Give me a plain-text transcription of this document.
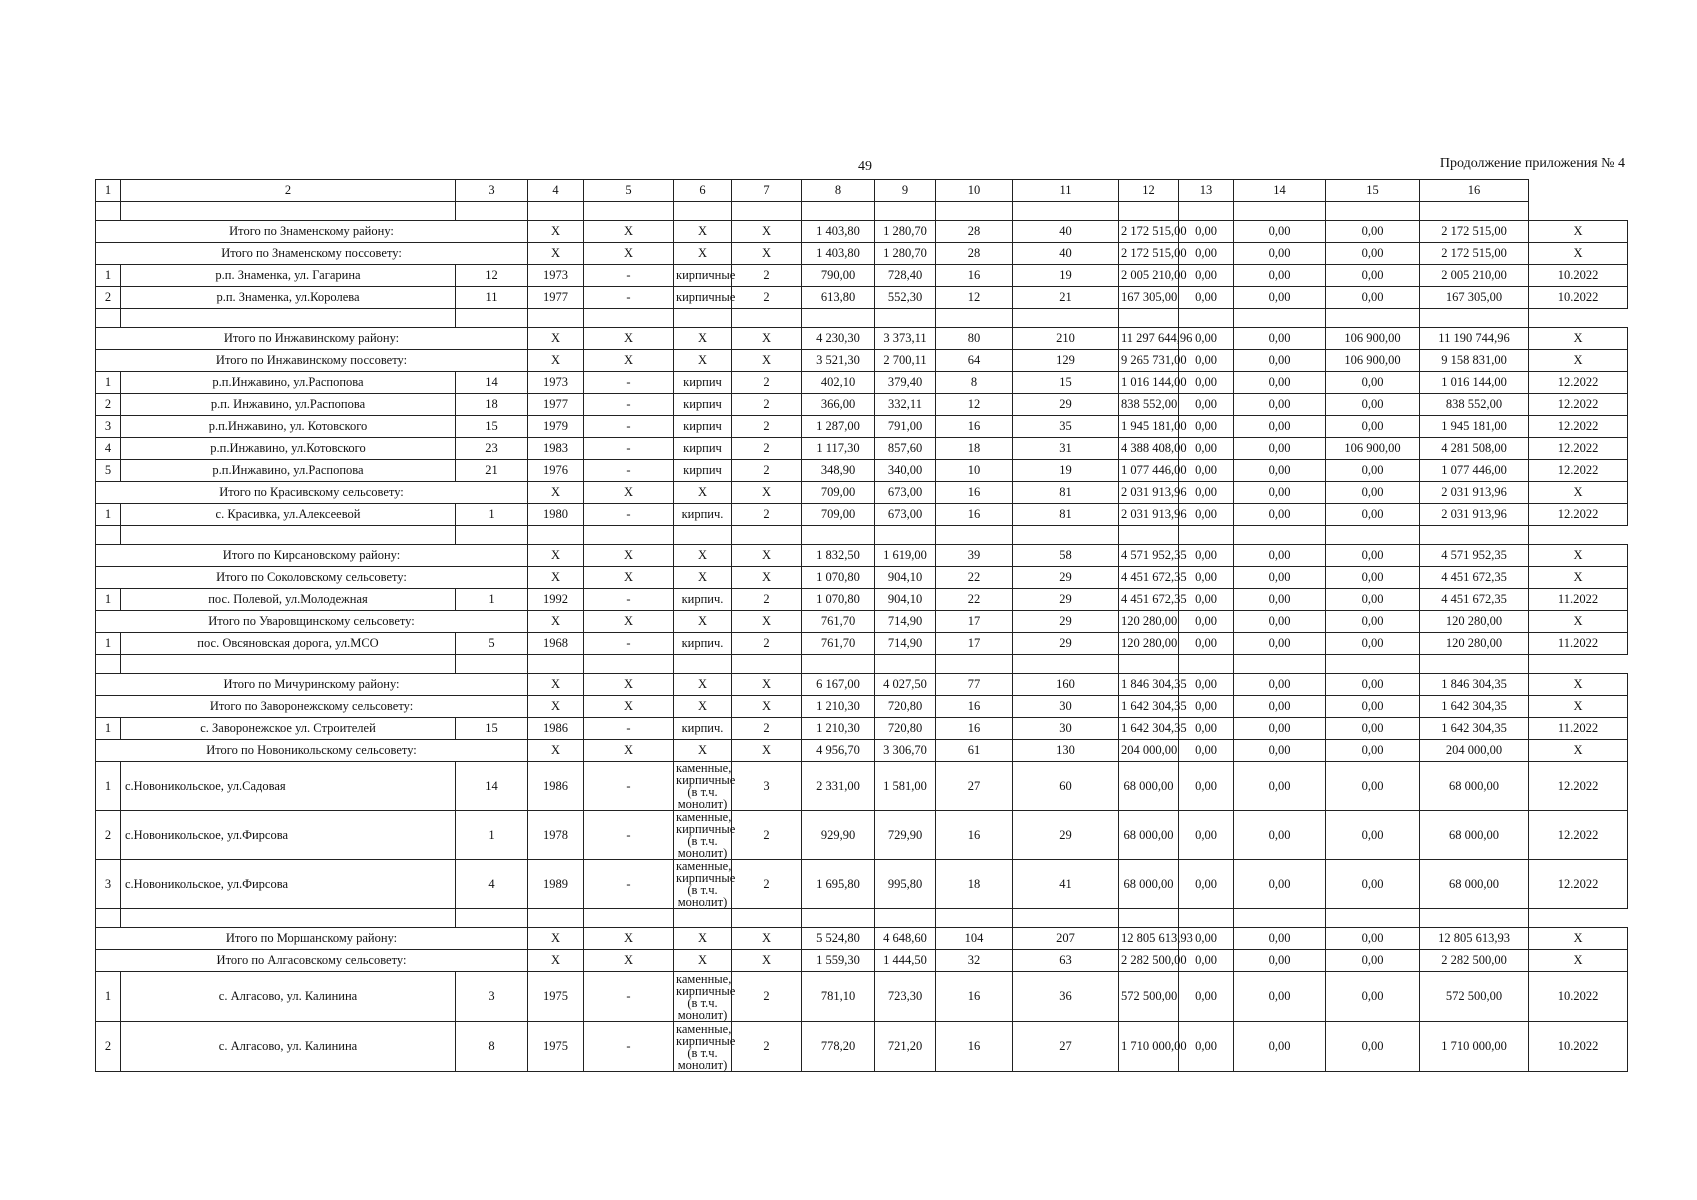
49	Продолжение приложения № 4
1	2	3	4	5	6	7	8	9	10	11	12	13	14	15	16	

Итого по Знаменскому району:			X	X	X	X	1 403,80	1 280,70	28	40	2 172 515,00	0,00	0,00	0,00	2 172 515,00	X
Итого по Знаменскому поссовету:			X	X	X	X	1 403,80	1 280,70	28	40	2 172 515,00	0,00	0,00	0,00	2 172 515,00	X
1	р.п. Знаменка, ул. Гагарина	12	1973	-	кирпичные	2	790,00	728,40	16	19	2 005 210,00	0,00	0,00	0,00	2 005 210,00	10.2022
2	р.п. Знаменка, ул.Королева	11	1977	-	кирпичные	2	613,80	552,30	12	21	167 305,00	0,00	0,00	0,00	167 305,00	10.2022

Итого по Инжавинскому району:			X	X	X	X	4 230,30	3 373,11	80	210	11 297 644,96	0,00	0,00	106 900,00	11 190 744,96	X
Итого по Инжавинскому поссовету:			X	X	X	X	3 521,30	2 700,11	64	129	9 265 731,00	0,00	0,00	106 900,00	9 158 831,00	X
1	р.п.Инжавино, ул.Распопова	14	1973	-	кирпич	2	402,10	379,40	8	15	1 016 144,00	0,00	0,00	0,00	1 016 144,00	12.2022
2	р.п. Инжавино, ул.Распопова	18	1977	-	кирпич	2	366,00	332,11	12	29	838 552,00	0,00	0,00	0,00	838 552,00	12.2022
3	р.п.Инжавино, ул. Котовского	15	1979	-	кирпич	2	1 287,00	791,00	16	35	1 945 181,00	0,00	0,00	0,00	1 945 181,00	12.2022
4	р.п.Инжавино, ул.Котовского	23	1983	-	кирпич	2	1 117,30	857,60	18	31	4 388 408,00	0,00	0,00	106 900,00	4 281 508,00	12.2022
5	р.п.Инжавино, ул.Распопова	21	1976	-	кирпич	2	348,90	340,00	10	19	1 077 446,00	0,00	0,00	0,00	1 077 446,00	12.2022
Итого по Красивскому сельсовету:			X	X	X	X	709,00	673,00	16	81	2 031 913,96	0,00	0,00	0,00	2 031 913,96	X
1	с. Красивка, ул.Алексеевой	1	1980	-	кирпич.	2	709,00	673,00	16	81	2 031 913,96	0,00	0,00	0,00	2 031 913,96	12.2022

Итого по Кирсановскому району:			X	X	X	X	1 832,50	1 619,00	39	58	4 571 952,35	0,00	0,00	0,00	4 571 952,35	X
Итого по Соколовскому сельсовету:			X	X	X	X	1 070,80	904,10	22	29	4 451 672,35	0,00	0,00	0,00	4 451 672,35	X
1	пос. Полевой, ул.Молодежная	1	1992	-	кирпич.	2	1 070,80	904,10	22	29	4 451 672,35	0,00	0,00	0,00	4 451 672,35	11.2022
Итого по Уваровщинскому сельсовету:			X	X	X	X	761,70	714,90	17	29	120 280,00	0,00	0,00	0,00	120 280,00	X
1	пос. Овсяновская дорога, ул.МСО	5	1968	-	кирпич.	2	761,70	714,90	17	29	120 280,00	0,00	0,00	0,00	120 280,00	11.2022

Итого по Мичуринскому району:			X	X	X	X	6 167,00	4 027,50	77	160	1 846 304,35	0,00	0,00	0,00	1 846 304,35	X
Итого по Заворонежскому сельсовету:			X	X	X	X	1 210,30	720,80	16	30	1 642 304,35	0,00	0,00	0,00	1 642 304,35	X
1	с. Заворонежское ул. Строителей	15	1986	-	кирпич.	2	1 210,30	720,80	16	30	1 642 304,35	0,00	0,00	0,00	1 642 304,35	11.2022
Итого по Новоникольскому сельсовету:			X	X	X	X	4 956,70	3 306,70	61	130	204 000,00	0,00	0,00	0,00	204 000,00	X
1	с.Новоникольское, ул.Садовая	14	1986	-	каменные, кирпичные (в т.ч. монолит)	3	2 331,00	1 581,00	27	60	68 000,00	0,00	0,00	0,00	68 000,00	12.2022
2	с.Новоникольское, ул.Фирсова	1	1978	-	каменные, кирпичные (в т.ч. монолит)	2	929,90	729,90	16	29	68 000,00	0,00	0,00	0,00	68 000,00	12.2022
3	с.Новоникольское, ул.Фирсова	4	1989	-	каменные, кирпичные (в т.ч. монолит)	2	1 695,80	995,80	18	41	68 000,00	0,00	0,00	0,00	68 000,00	12.2022

Итого по Моршанскому району:			X	X	X	X	5 524,80	4 648,60	104	207	12 805 613,93	0,00	0,00	0,00	12 805 613,93	X
Итого по Алгасовскому сельсовету:			X	X	X	X	1 559,30	1 444,50	32	63	2 282 500,00	0,00	0,00	0,00	2 282 500,00	X
1	с. Алгасово, ул. Калинина	3	1975	-	каменные, кирпичные (в т.ч. монолит)	2	781,10	723,30	16	36	572 500,00	0,00	0,00	0,00	572 500,00	10.2022
2	с. Алгасово, ул. Калинина	8	1975	-	каменные, кирпичные (в т.ч. монолит)	2	778,20	721,20	16	27	1 710 000,00	0,00	0,00	0,00	1 710 000,00	10.2022
